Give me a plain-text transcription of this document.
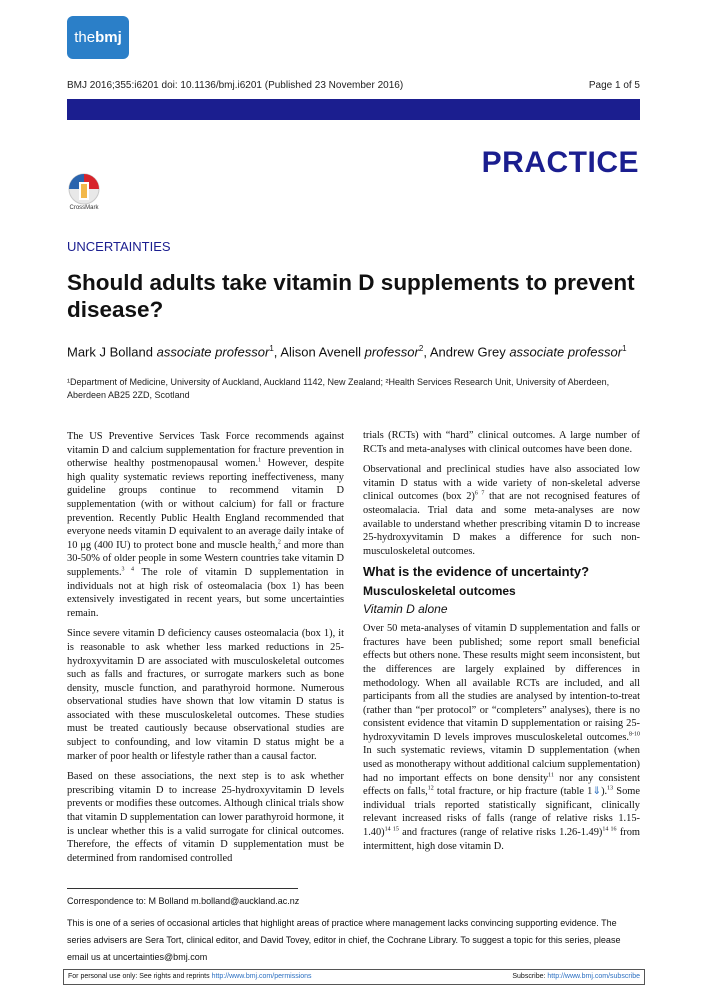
thebmj
BMJ 2016;355:i6201 doi: 10.1136/bmj.i6201 (Published 23 November 2016)	Page 1 of 5
PRACTICE
CrossMark
UNCERTAINTIES
Should adults take vitamin D supplements to prevent disease?
Mark J Bolland associate professor$^1$, Alison Avenell professor$^2$, Andrew Grey associate professor$^1$
¹Department of Medicine, University of Auckland, Auckland 1142, New Zealand; ²Health Services Research Unit, University of Aberdeen, Aberdeen AB25 2ZD, Scotland

The US Preventive Services Task Force recommends against vitamin D and calcium supplementation for fracture prevention in otherwise healthy postmenopausal women.$^1$ However, despite high quality systematic reviews reporting ineffectiveness, many guideline groups continue to recommend vitamin D supplementation (with or without calcium) for fall or fracture prevention. Recently Public Health England recommended that everyone needs vitamin D equivalent to an average daily intake of 10 μg (400 IU) to protect bone and muscle health,$^2$ and more than 30-50% of older people in some Western countries take vitamin D supplements.$^{3 4}$ The role of vitamin D supplementation in individuals not at high risk of osteomalacia (box 1) has been extensively investigated in recent years, but some uncertainties remain.

Since severe vitamin D deficiency causes osteomalacia (box 1), it is reasonable to ask whether less marked reductions in 25-hydroxyvitamin D are associated with musculoskeletal outcomes such as falls and fractures, or surrogate markers such as bone density, muscle function, and parathyroid hormone. Numerous observational studies have shown that low vitamin D status is associated with these musculoskeletal outcomes. These studies must be treated cautiously because observational studies are subject to confounding, and low vitamin D status might be a marker of poor health or lifestyle rather than a causal factor.

Based on these associations, the next step is to ask whether prescribing vitamin D to increase 25-hydroxyvitamin D levels prevents or modifies these outcomes. Although clinical trials show that vitamin D supplementation can lower parathyroid hormone, it is unclear whether this is a valid surrogate for clinical outcomes. Therefore, the effects of vitamin D supplementation must be determined from randomised controlled

trials (RCTs) with “hard” clinical outcomes. A large number of RCTs and meta-analyses with clinical outcomes have been done.

Observational and preclinical studies have also associated low vitamin D status with a wide variety of non-skeletal adverse clinical outcomes (box 2)$^{6 7}$ that are not recognised features of osteomalacia. Trial data and some meta-analyses are now available to understand whether prescribing vitamin D to increase 25-hydroxyvitamin D makes a difference for such non-musculoskeletal outcomes.

What is the evidence of uncertainty?
Musculoskeletal outcomes
Vitamin D alone

Over 50 meta-analyses of vitamin D supplementation and falls or fractures have been published; some report small beneficial effects but others none. These results might seem inconsistent, but the differences are largely explained by differences in methodology. When all available RCTs are included, and all participants from all the studies are analysed by intention-to-treat (rather than “per protocol” or “completers” analyses), there is no consistent evidence that vitamin D supplementation or raising 25-hydroxyvitamin D levels improves musculoskeletal outcomes.$^{8-10}$ In such systematic reviews, vitamin D supplementation (when used as monotherapy without additional calcium supplementation) had no important effects on bone density$^{11}$ nor any consistent effects on falls,$^{12}$ total fracture, or hip fracture (table 1⇓).$^{13}$ Some individual trials reported statistically significant, clinically relevant increased risks of falls (range of relative risks 1.15-1.40)$^{14 15}$ and fractures (range of relative risks 1.26-1.49)$^{14 16}$ from intermittent, high dose vitamin D.

Correspondence to: M Bolland m.bolland@auckland.ac.nz
This is one of a series of occasional articles that highlight areas of practice where management lacks convincing supporting evidence. The series advisers are Sera Tort, clinical editor, and David Tovey, editor in chief, the Cochrane Library. To suggest a topic for this series, please email us at uncertainties@bmj.com
For personal use only: See rights and reprints http://www.bmj.com/permissions	Subscribe: http://www.bmj.com/subscribe
